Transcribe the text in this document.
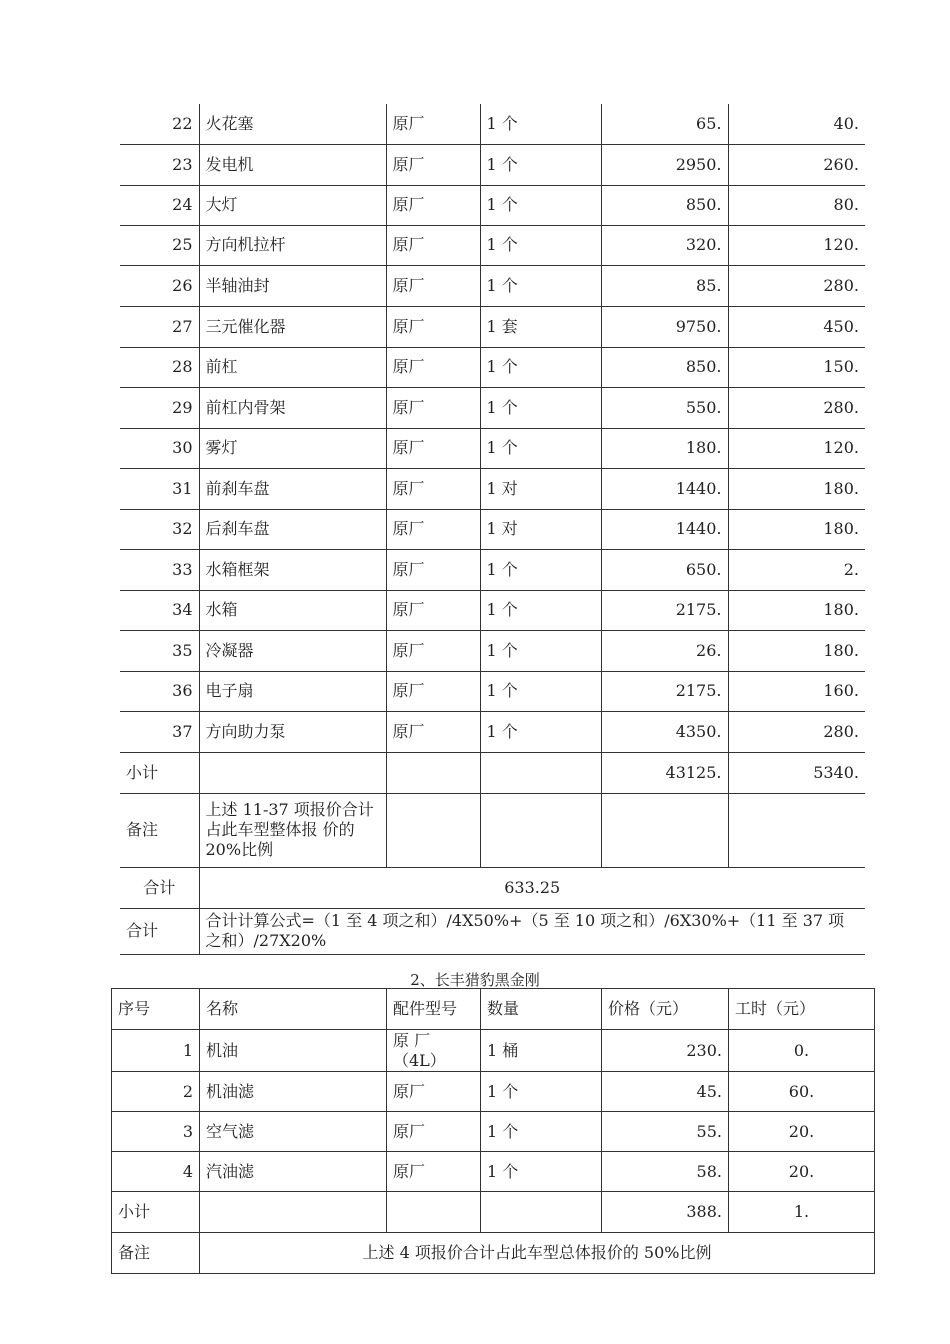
22	火花塞	原厂	1 个	65.	40.
23	发电机	原厂	1 个	2950.	260.
24	大灯	原厂	1 个	850.	80.
25	方向机拉杆	原厂	1 个	320.	120.
26	半轴油封	原厂	1 个	85.	280.
27	三元催化器	原厂	1 套	9750.	450.
28	前杠	原厂	1 个	850.	150.
29	前杠内骨架	原厂	1 个	550.	280.
30	雾灯	原厂	1 个	180.	120.
31	前刹车盘	原厂	1 对	1440.	180.
32	后刹车盘	原厂	1 对	1440.	180.
33	水箱框架	原厂	1 个	650.	2.
34	水箱	原厂	1 个	2175.	180.
35	冷凝器	原厂	1 个	26.	180.
36	电子扇	原厂	1 个	2175.	160.
37	方向助力泵	原厂	1 个	4350.	280.
小计				43125.	5340.
备注	上述 11-37 项报价合计占此车型整体报 价的 20%比例				
合计	633.25				
合计	合计计算公式=（1 至 4 项之和）/4X50%+（5 至 10 项之和）/6X30%+（11 至 37 项 之和）/27X20%				
2、长丰猎豹黑金刚
序号	名称	配件型号	数量	价格（元）	工时（元）
1	机油	原 厂（4L）	1 桶	230.	0.
2	机油滤	原厂	1 个	45.	60.
3	空气滤	原厂	1 个	55.	20.
4	汽油滤	原厂	1 个	58.	20.
小计				388.	1.
备注	上述 4 项报价合计占此车型总体报价的 50%比例				
